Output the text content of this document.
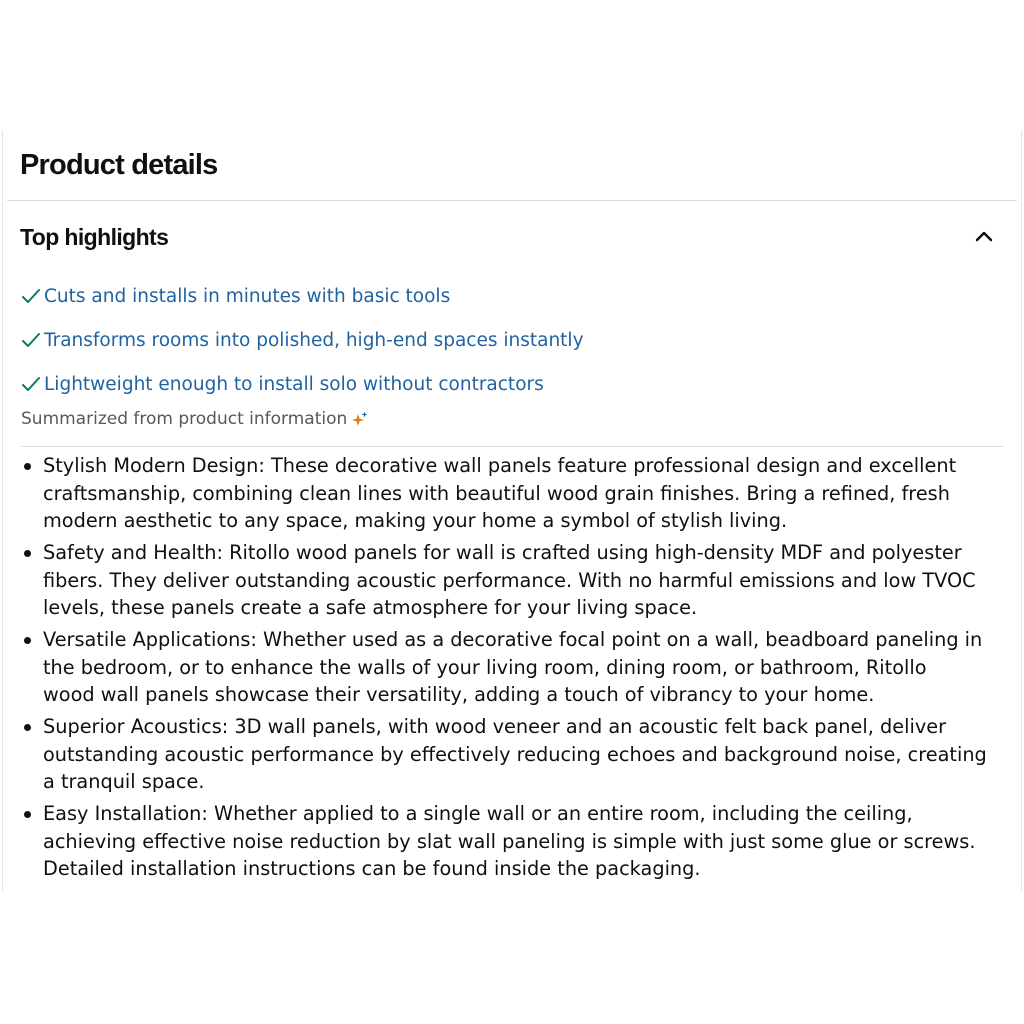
Product details
Top highlights
Cuts and installs in minutes with basic tools
Transforms rooms into polished, high-end spaces instantly
Lightweight enough to install solo without contractors
Summarized from product information
Stylish Modern Design: These decorative wall panels feature professional design and excellent
craftsmanship, combining clean lines with beautiful wood grain finishes. Bring a refined, fresh
modern aesthetic to any space, making your home a symbol of stylish living.
Safety and Health: Ritollo wood panels for wall is crafted using high-density MDF and polyester
fibers. They deliver outstanding acoustic performance. With no harmful emissions and low TVOC
levels, these panels create a safe atmosphere for your living space.
Versatile Applications: Whether used as a decorative focal point on a wall, beadboard paneling in
the bedroom, or to enhance the walls of your living room, dining room, or bathroom, Ritollo
wood wall panels showcase their versatility, adding a touch of vibrancy to your home.
Superior Acoustics: 3D wall panels, with wood veneer and an acoustic felt back panel, deliver
outstanding acoustic performance by effectively reducing echoes and background noise, creating
a tranquil space.
Easy Installation: Whether applied to a single wall or an entire room, including the ceiling,
achieving effective noise reduction by slat wall paneling is simple with just some glue or screws.
Detailed installation instructions can be found inside the packaging.
